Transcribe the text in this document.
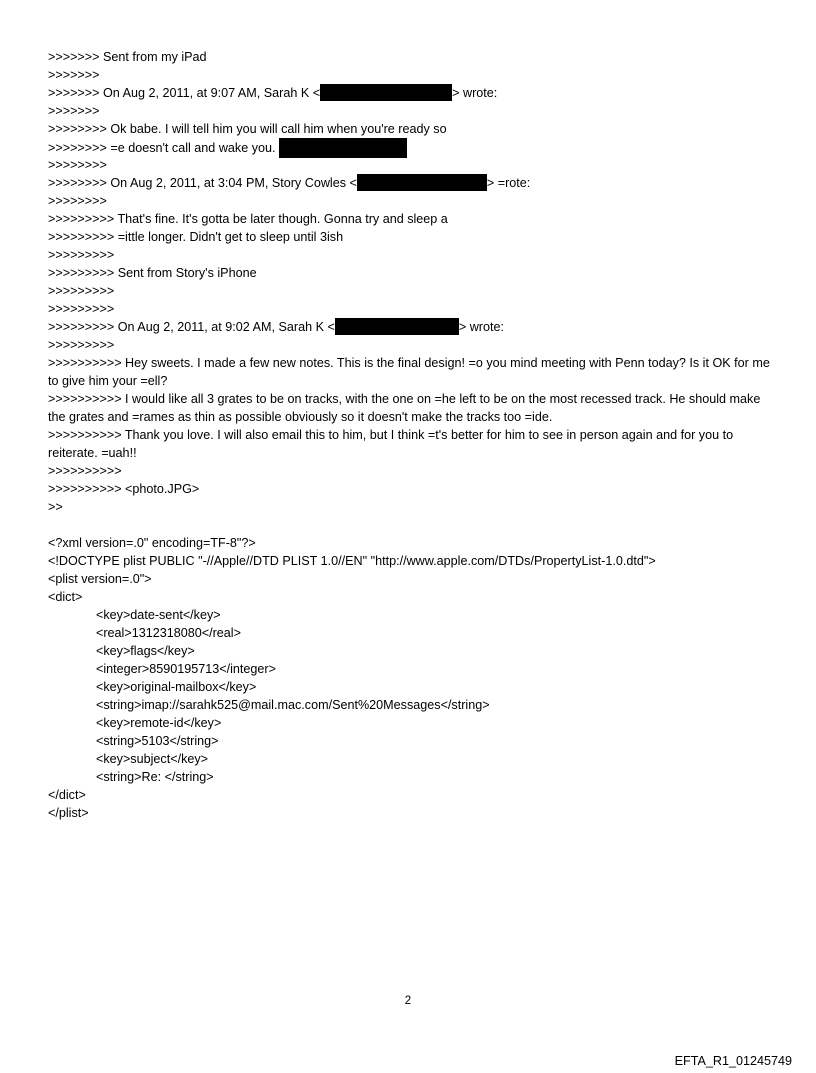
>>>>>>> Sent from my iPad
>>>>>>>
>>>>>>> On Aug 2, 2011, at 9:07 AM, Sarah K <	> wrote:
>>>>>>>
>>>>>>>> Ok babe. I will tell him you will call him when you're ready so
>>>>>>>> =e doesn't call and wake you.
>>>>>>>>
>>>>>>>> On Aug 2, 2011, at 3:04 PM, Story Cowles <	> =rote:
>>>>>>>>
>>>>>>>>> That's fine. It's gotta be later though. Gonna try and sleep a
>>>>>>>>> =ittle longer. Didn't get to sleep until 3ish
>>>>>>>>>
>>>>>>>>> Sent from Story's iPhone
>>>>>>>>>
>>>>>>>>>
>>>>>>>>> On Aug 2, 2011, at 9:02 AM, Sarah K <	> wrote:
>>>>>>>>>
>>>>>>>>>> Hey sweets. I made a few new notes. This is the final design! =o you mind meeting with Penn today? Is it OK for me to give him your =ell?
>>>>>>>>>> I would like all 3 grates to be on tracks, with the one on =he left to be on the most recessed track. He should make the grates and =rames as thin as possible obviously so it doesn't make the tracks too =ide.
>>>>>>>>>> Thank you love. I will also email this to him, but I think =t's better for him to see in person again and for you to reiterate. =uah!!
>>>>>>>>>>
>>>>>>>>>> <photo.JPG>
>>
<?xml version=.0" encoding=TF-8"?>
<!DOCTYPE plist PUBLIC "-//Apple//DTD PLIST 1.0//EN" "http://www.apple.com/DTDs/PropertyList-1.0.dtd">
<plist version=.0">
<dict>
<key>date-sent</key>
<real>1312318080</real>
<key>flags</key>
<integer>8590195713</integer>
<key>original-mailbox</key>
<string>imap://sarahk525@mail.mac.com/Sent%20Messages</string>
<key>remote-id</key>
<string>5103</string>
<key>subject</key>
<string>Re: </string>
</dict>
</plist>
2
EFTA_R1_01245749
